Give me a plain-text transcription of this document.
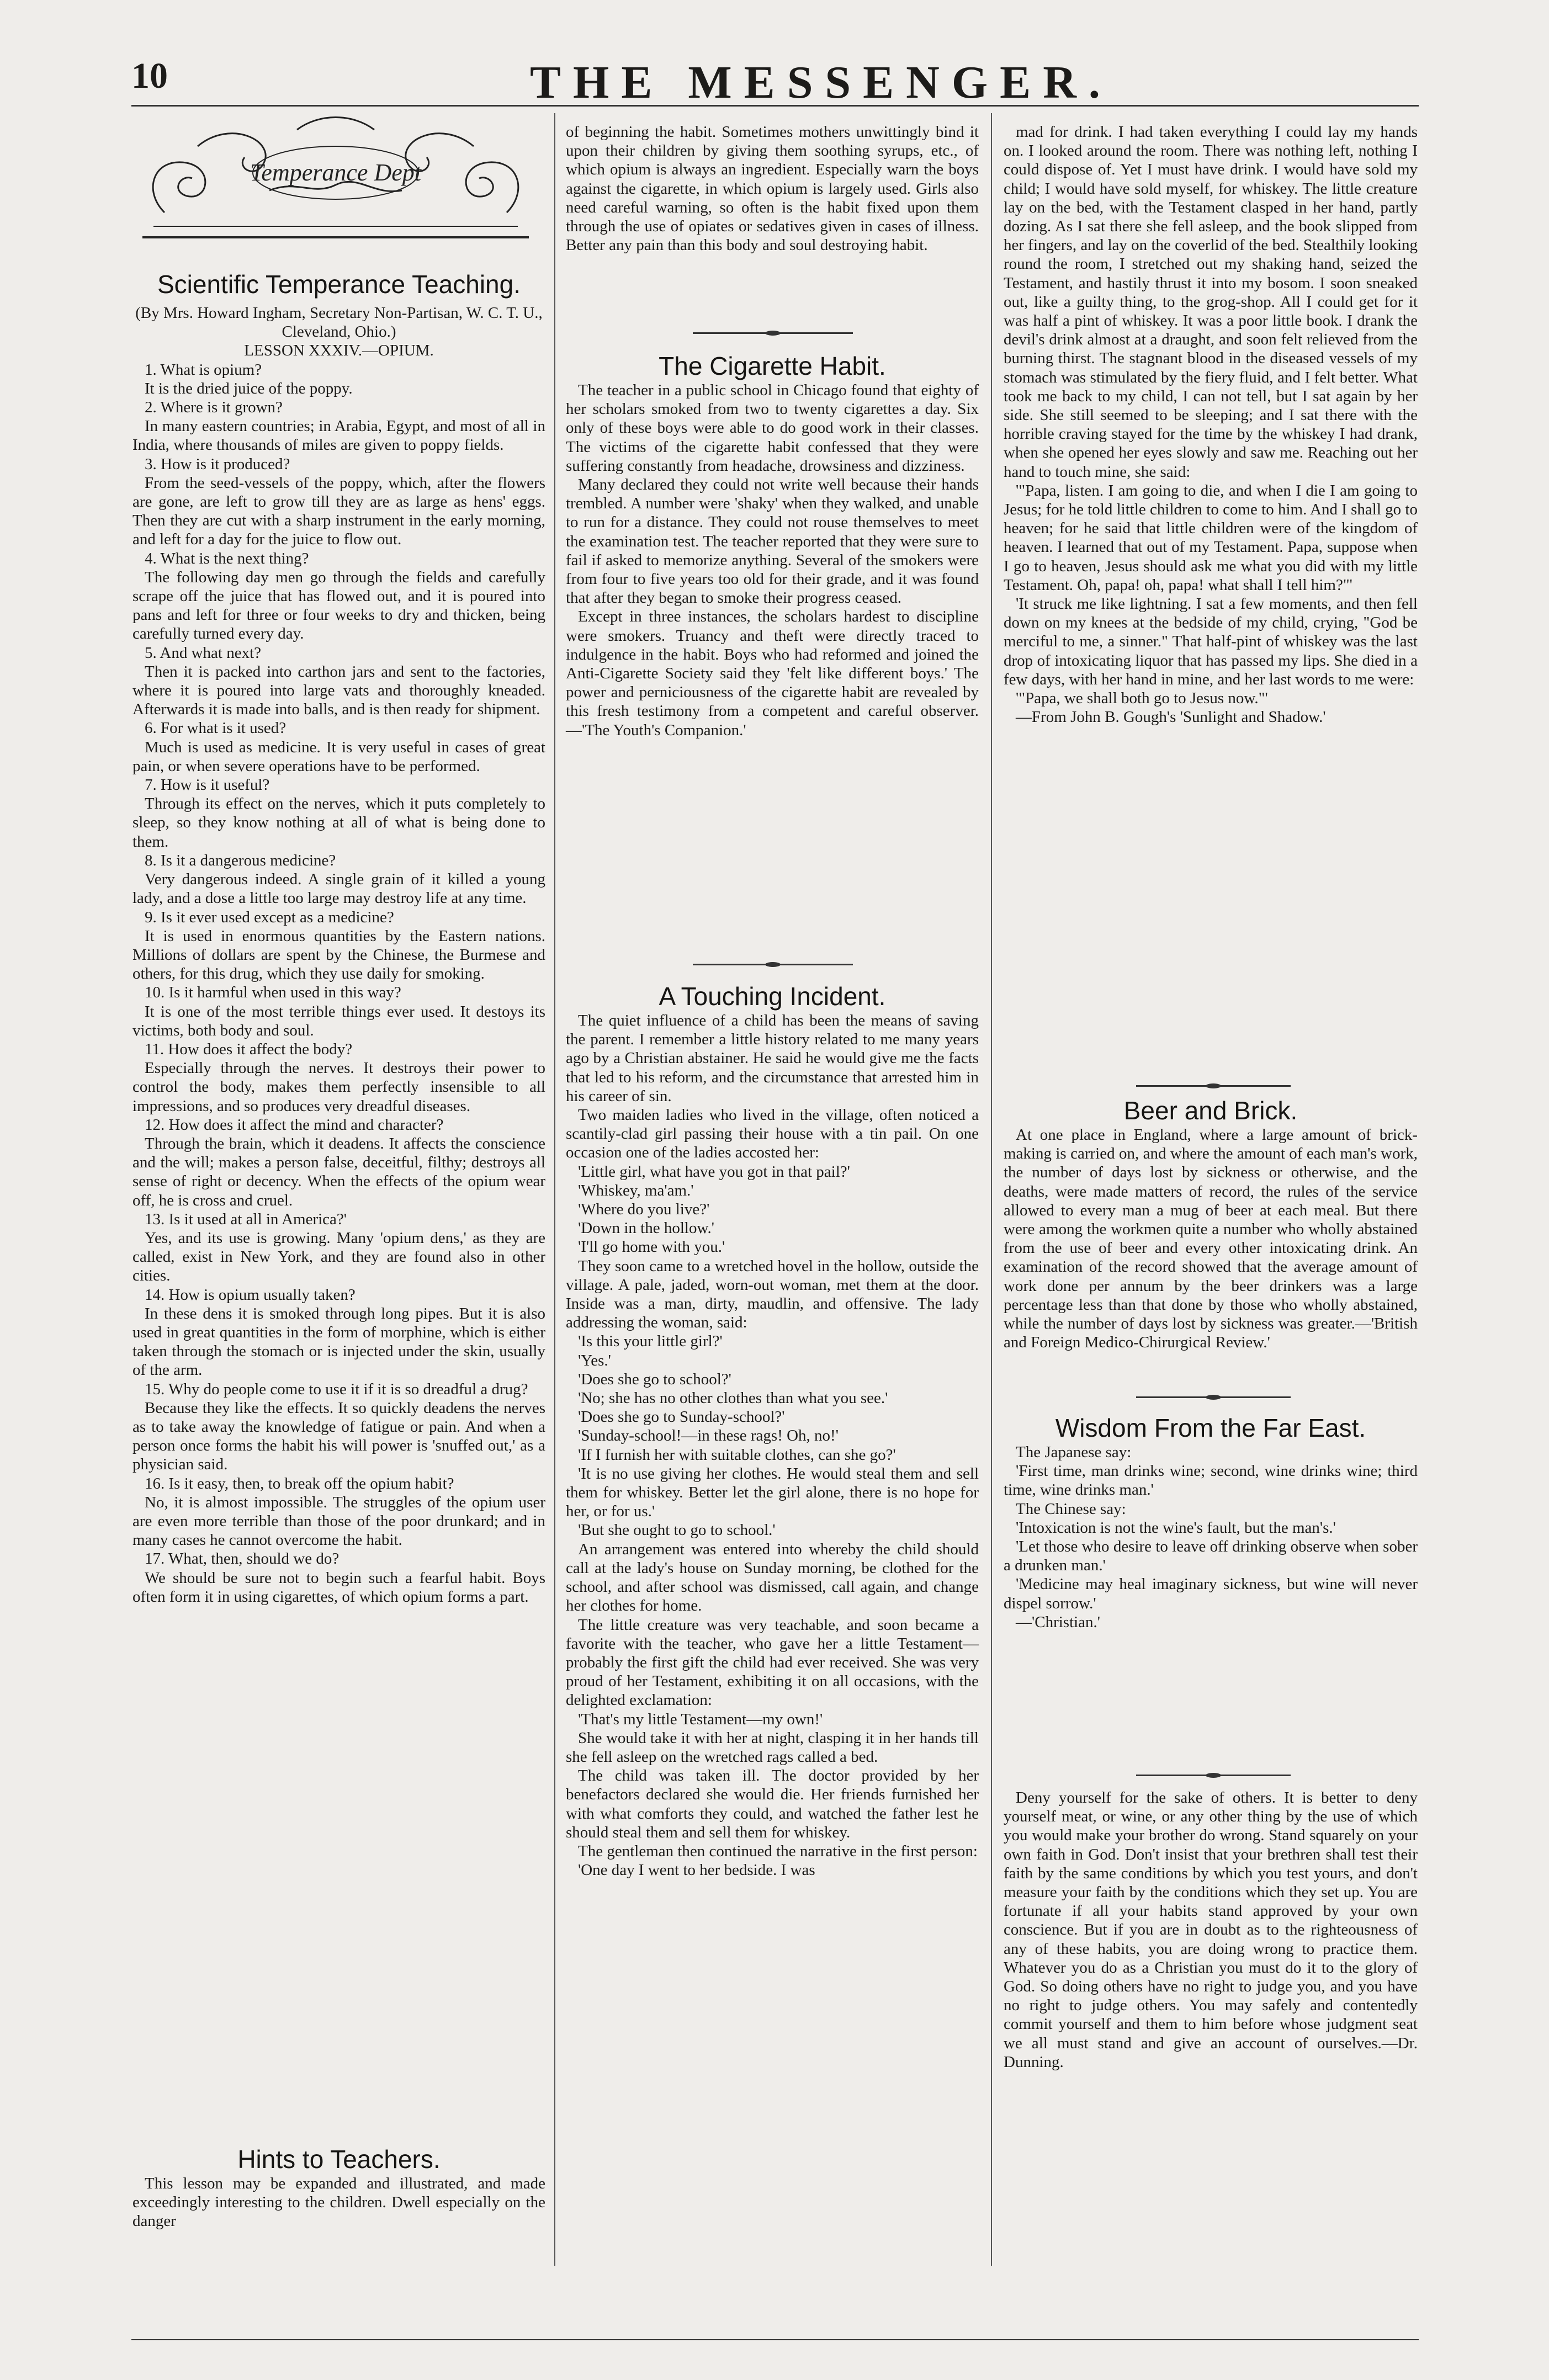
10	THE MESSENGER.
Temperance Dept
Scientific Temperance Teaching.

(By Mrs. Howard Ingham, Secretary Non-Partisan, W. C. T. U., Cleveland, Ohio.)

LESSON XXXIV.—OPIUM.

1. What is opium?

It is the dried juice of the poppy.

2. Where is it grown?

In many eastern countries; in Arabia, Egypt, and most of all in India, where thousands of miles are given to poppy fields.

3. How is it produced?

From the seed-vessels of the poppy, which, after the flowers are gone, are left to grow till they are as large as hens' eggs. Then they are cut with a sharp instrument in the early morning, and left for a day for the juice to flow out.

4. What is the next thing?

The following day men go through the fields and carefully scrape off the juice that has flowed out, and it is poured into pans and left for three or four weeks to dry and thicken, being carefully turned every day.

5. And what next?

Then it is packed into carthon jars and sent to the factories, where it is poured into large vats and thoroughly kneaded. Afterwards it is made into balls, and is then ready for shipment.

6. For what is it used?

Much is used as medicine. It is very useful in cases of great pain, or when severe operations have to be performed.

7. How is it useful?

Through its effect on the nerves, which it puts completely to sleep, so they know nothing at all of what is being done to them.

8. Is it a dangerous medicine?

Very dangerous indeed. A single grain of it killed a young lady, and a dose a little too large may destroy life at any time.

9. Is it ever used except as a medicine?

It is used in enormous quantities by the Eastern nations. Millions of dollars are spent by the Chinese, the Burmese and others, for this drug, which they use daily for smoking.

10. Is it harmful when used in this way?

It is one of the most terrible things ever used. It destoys its victims, both body and soul.

11. How does it affect the body?

Especially through the nerves. It destroys their power to control the body, makes them perfectly insensible to all impressions, and so produces very dreadful diseases.

12. How does it affect the mind and character?

Through the brain, which it deadens. It affects the conscience and the will; makes a person false, deceitful, filthy; destroys all sense of right or decency. When the effects of the opium wear off, he is cross and cruel.

13. Is it used at all in America?'

Yes, and its use is growing. Many 'opium dens,' as they are called, exist in New York, and they are found also in other cities.

14. How is opium usually taken?

In these dens it is smoked through long pipes. But it is also used in great quantities in the form of morphine, which is either taken through the stomach or is injected under the skin, usually of the arm.

15. Why do people come to use it if it is so dreadful a drug?

Because they like the effects. It so quickly deadens the nerves as to take away the knowledge of fatigue or pain. And when a person once forms the habit his will power is 'snuffed out,' as a physician said.

16. Is it easy, then, to break off the opium habit?

No, it is almost impossible. The struggles of the opium user are even more terrible than those of the poor drunkard; and in many cases he cannot overcome the habit.

17. What, then, should we do?

We should be sure not to begin such a fearful habit. Boys often form it in using cigarettes, of which opium forms a part.

Hints to Teachers.

This lesson may be expanded and illustrated, and made exceedingly interesting to the children. Dwell especially on the danger

of beginning the habit. Sometimes mothers unwittingly bind it upon their children by giving them soothing syrups, etc., of which opium is always an ingredient. Especially warn the boys against the cigarette, in which opium is largely used. Girls also need careful warning, so often is the habit fixed upon them through the use of opiates or sedatives given in cases of illness. Better any pain than this body and soul destroying habit.

The Cigarette Habit.

The teacher in a public school in Chicago found that eighty of her scholars smoked from two to twenty cigarettes a day. Six only of these boys were able to do good work in their classes. The victims of the cigarette habit confessed that they were suffering constantly from headache, drowsiness and dizziness.

Many declared they could not write well because their hands trembled. A number were 'shaky' when they walked, and unable to run for a distance. They could not rouse themselves to meet the examination test. The teacher reported that they were sure to fail if asked to memorize anything. Several of the smokers were from four to five years too old for their grade, and it was found that after they began to smoke their progress ceased.

Except in three instances, the scholars hardest to discipline were smokers. Truancy and theft were directly traced to indulgence in the habit. Boys who had reformed and joined the Anti-Cigarette Society said they 'felt like different boys.' The power and perniciousness of the cigarette habit are revealed by this fresh testimony from a competent and careful observer.—'The Youth's Companion.'

A Touching Incident.

The quiet influence of a child has been the means of saving the parent. I remember a little history related to me many years ago by a Christian abstainer. He said he would give me the facts that led to his reform, and the circumstance that arrested him in his career of sin.

Two maiden ladies who lived in the village, often noticed a scantily-clad girl passing their house with a tin pail. On one occasion one of the ladies accosted her:

'Little girl, what have you got in that pail?'

'Whiskey, ma'am.'

'Where do you live?'

'Down in the hollow.'

'I'll go home with you.'

They soon came to a wretched hovel in the hollow, outside the village. A pale, jaded, worn-out woman, met them at the door. Inside was a man, dirty, maudlin, and offensive. The lady addressing the woman, said:

'Is this your little girl?'

'Yes.'

'Does she go to school?'

'No; she has no other clothes than what you see.'

'Does she go to Sunday-school?'

'Sunday-school!—in these rags! Oh, no!'

'If I furnish her with suitable clothes, can she go?'

'It is no use giving her clothes. He would steal them and sell them for whiskey. Better let the girl alone, there is no hope for her, or for us.'

'But she ought to go to school.'

An arrangement was entered into whereby the child should call at the lady's house on Sunday morning, be clothed for the school, and after school was dismissed, call again, and change her clothes for home.

The little creature was very teachable, and soon became a favorite with the teacher, who gave her a little Testament—probably the first gift the child had ever received. She was very proud of her Testament, exhibiting it on all occasions, with the delighted exclamation:

'That's my little Testament—my own!'

She would take it with her at night, clasping it in her hands till she fell asleep on the wretched rags called a bed.

The child was taken ill. The doctor provided by her benefactors declared she would die. Her friends furnished her with what comforts they could, and watched the father lest he should steal them and sell them for whiskey.

The gentleman then continued the narrative in the first person:

'One day I went to her bedside. I was

mad for drink. I had taken everything I could lay my hands on. I looked around the room. There was nothing left, nothing I could dispose of. Yet I must have drink. I would have sold my child; I would have sold myself, for whiskey. The little creature lay on the bed, with the Testament clasped in her hand, partly dozing. As I sat there she fell asleep, and the book slipped from her fingers, and lay on the coverlid of the bed. Stealthily looking round the room, I stretched out my shaking hand, seized the Testament, and hastily thrust it into my bosom. I soon sneaked out, like a guilty thing, to the grog-shop. All I could get for it was half a pint of whiskey. It was a poor little book. I drank the devil's drink almost at a draught, and soon felt relieved from the burning thirst. The stagnant blood in the diseased vessels of my stomach was stimulated by the fiery fluid, and I felt better. What took me back to my child, I can not tell, but I sat again by her side. She still seemed to be sleeping; and I sat there with the horrible craving stayed for the time by the whiskey I had drank, when she opened her eyes slowly and saw me. Reaching out her hand to touch mine, she said:

'"Papa, listen. I am going to die, and when I die I am going to Jesus; for he told little children to come to him. And I shall go to heaven; for he said that little children were of the kingdom of heaven. I learned that out of my Testament. Papa, suppose when I go to heaven, Jesus should ask me what you did with my little Testament. Oh, papa! oh, papa! what shall I tell him?"'

'It struck me like lightning. I sat a few moments, and then fell down on my knees at the bedside of my child, crying, "God be merciful to me, a sinner." That half-pint of whiskey was the last drop of intoxicating liquor that has passed my lips. She died in a few days, with her hand in mine, and her last words to me were:

'"Papa, we shall both go to Jesus now."'

—From John B. Gough's 'Sunlight and Shadow.'

Beer and Brick.

At one place in England, where a large amount of brick-making is carried on, and where the amount of each man's work, the number of days lost by sickness or otherwise, and the deaths, were made matters of record, the rules of the service allowed to every man a mug of beer at each meal. But there were among the workmen quite a number who wholly abstained from the use of beer and every other intoxicating drink. An examination of the record showed that the average amount of work done per annum by the beer drinkers was a large percentage less than that done by those who wholly abstained, while the number of days lost by sickness was greater.—'British and Foreign Medico-Chirurgical Review.'

Wisdom From the Far East.

The Japanese say:

'First time, man drinks wine; second, wine drinks wine; third time, wine drinks man.'

The Chinese say:

'Intoxication is not the wine's fault, but the man's.'

'Let those who desire to leave off drinking observe when sober a drunken man.'

'Medicine may heal imaginary sickness, but wine will never dispel sorrow.'

—'Christian.'

Deny yourself for the sake of others. It is better to deny yourself meat, or wine, or any other thing by the use of which you would make your brother do wrong. Stand squarely on your own faith in God. Don't insist that your brethren shall test their faith by the same conditions by which you test yours, and don't measure your faith by the conditions which they set up. You are fortunate if all your habits stand approved by your own conscience. But if you are in doubt as to the righteousness of any of these habits, you are doing wrong to practice them. Whatever you do as a Christian you must do it to the glory of God. So doing others have no right to judge you, and you have no right to judge others. You may safely and contentedly commit yourself and them to him before whose judgment seat we all must stand and give an account of ourselves.—Dr. Dunning.
